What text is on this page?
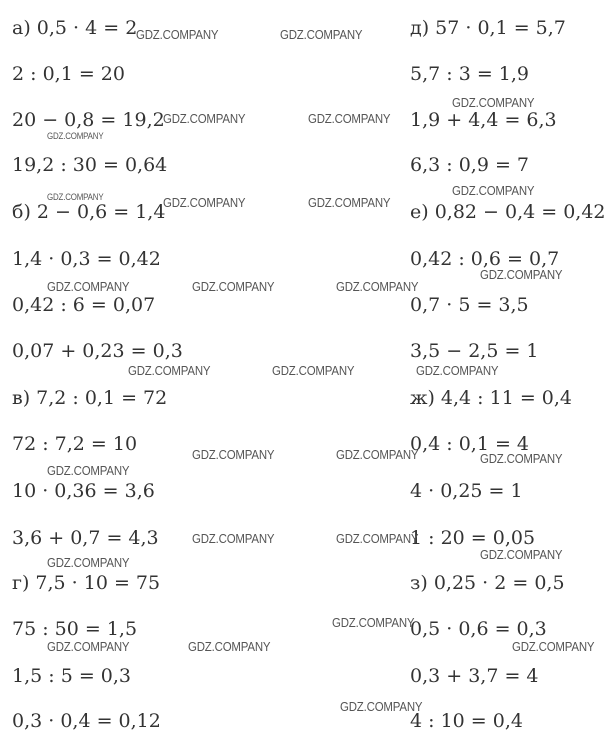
а) 0,5 · 4 = 2
2 : 0,1 = 20
20 − 0,8 = 19,2
19,2 : 30 = 0,64
б) 2 − 0,6 = 1,4
1,4 · 0,3 = 0,42
0,42 : 6 = 0,07
0,07 + 0,23 = 0,3
в) 7,2 : 0,1 = 72
72 : 7,2 = 10
10 · 0,36 = 3,6
3,6 + 0,7 = 4,3
г) 7,5 · 10 = 75
75 : 50 = 1,5
1,5 : 5 = 0,3
0,3 · 0,4 = 0,12
д) 57 · 0,1 = 5,7
5,7 : 3 = 1,9
1,9 + 4,4 = 6,3
6,3 : 0,9 = 7
е) 0,82 − 0,4 = 0,42
0,42 : 0,6 = 0,7
0,7 · 5 = 3,5
3,5 − 2,5 = 1
ж) 4,4 : 11 = 0,4
0,4 : 0,1 = 4
4 · 0,25 = 1
1 : 20 = 0,05
з) 0,25 · 2 = 0,5
0,5 · 0,6 = 0,3
0,3 + 3,7 = 4
4 : 10 = 0,4
GDZ.COMPANY	GDZ.COMPANY
GDZ.COMPANY
GDZ.COMPANY	GDZ.COMPANY
GDZ.COMPANY
GDZ.COMPANY
GDZ.COMPANY	GDZ.COMPANY	GDZ.COMPANY
GDZ.COMPANY
GDZ.COMPANY	GDZ.COMPANY	GDZ.COMPANY
GDZ.COMPANY	GDZ.COMPANY	GDZ.COMPANY
GDZ.COMPANY	GDZ.COMPANY	GDZ.COMPANY
GDZ.COMPANY
GDZ.COMPANY	GDZ.COMPANY
GDZ.COMPANY
GDZ.COMPANY
GDZ.COMPANY
GDZ.COMPANY	GDZ.COMPANY	GDZ.COMPANY
GDZ.COMPANY
